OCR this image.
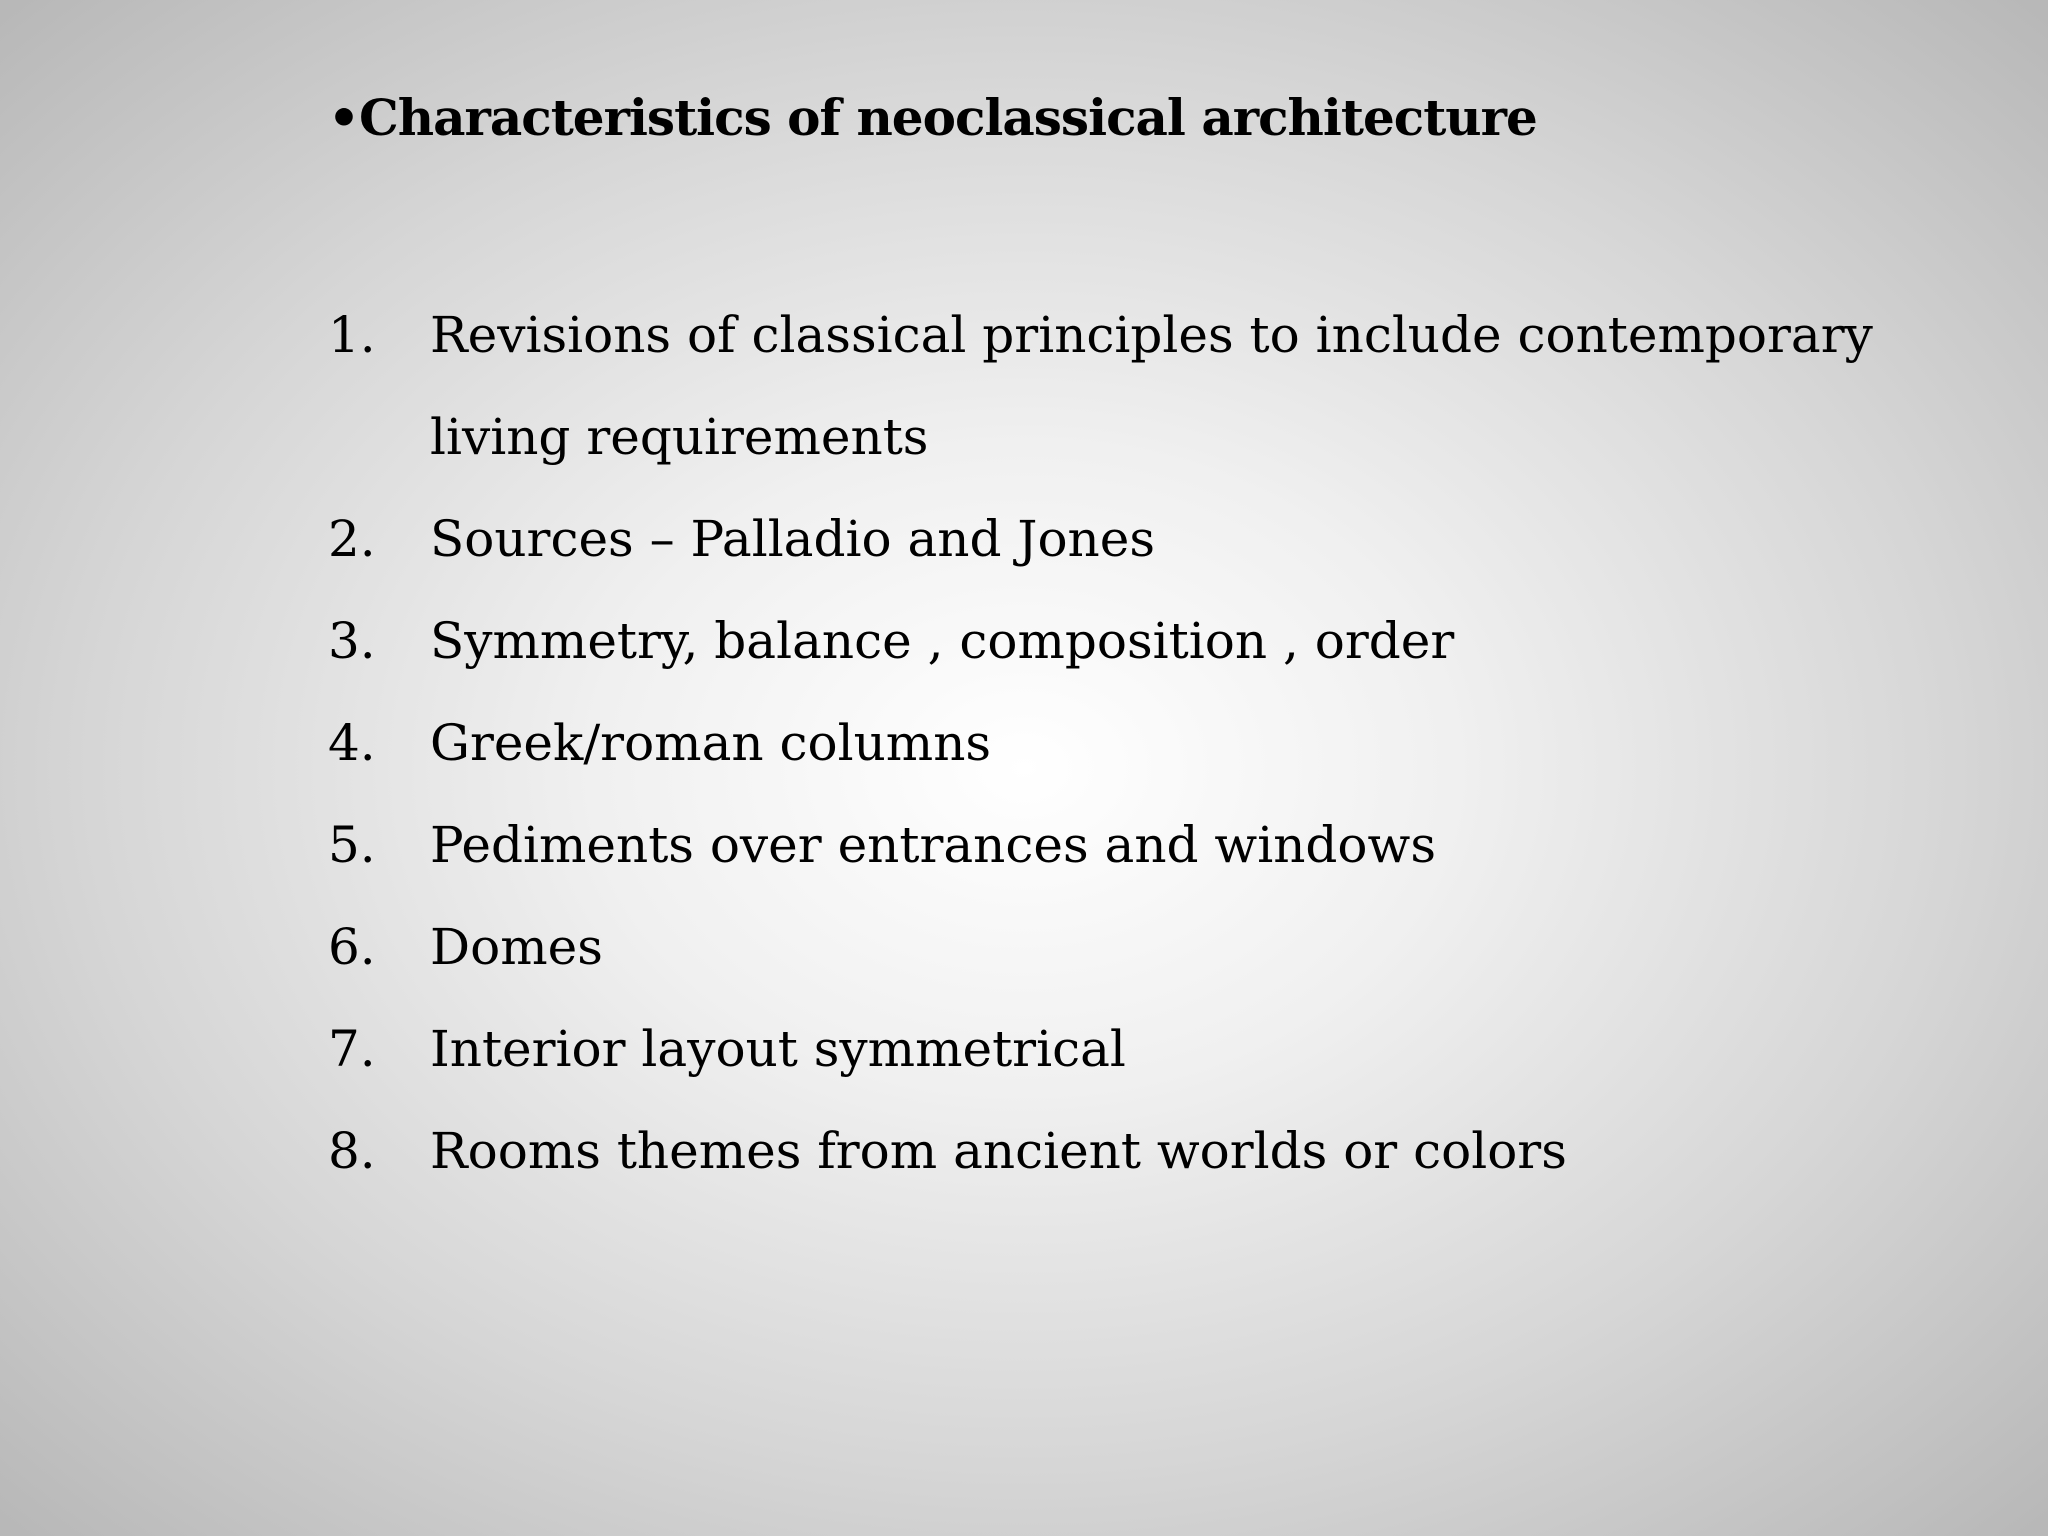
•Characteristics of neoclassical architecture
1.	Revisions of classical principles to include contemporary living requirements
2.	Sources – Palladio and Jones
3.	Symmetry, balance , composition , order
4.	Greek/roman columns
5.	Pediments over entrances and windows
6.	Domes
7.	Interior layout symmetrical
8.	Rooms themes from ancient worlds or colors
